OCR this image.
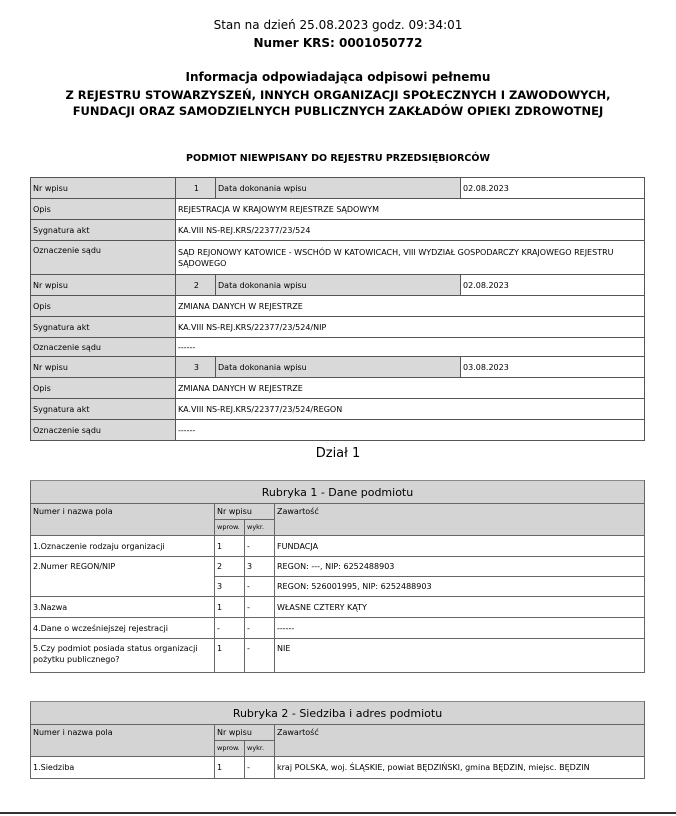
Stan na dzień 25.08.2023 godz. 09:34:01
Numer KRS: 0001050772
Informacja odpowiadająca odpisowi pełnemu
Z REJESTRU STOWARZYSZEŃ, INNYCH ORGANIZACJI SPOŁECZNYCH I ZAWODOWYCH,
FUNDACJI ORAZ SAMODZIELNYCH PUBLICZNYCH ZAKŁADÓW OPIEKI ZDROWOTNEJ
PODMIOT NIEWPISANY DO REJESTRU PRZEDSIĘBIORCÓW
Nr wpisu	1	Data dokonania wpisu	02.08.2023
Opis	REJESTRACJA W KRAJOWYM REJESTRZE SĄDOWYM		
Sygnatura akt	KA.VIII NS-REJ.KRS/22377/23/524		
Oznaczenie sądu	SĄD REJONOWY KATOWICE - WSCHÓD W KATOWICACH, VIII WYDZIAŁ GOSPODARCZY KRAJOWEGO REJESTRU SĄDOWEGO		
Nr wpisu	2	Data dokonania wpisu	02.08.2023
Opis	ZMIANA DANYCH W REJESTRZE		
Sygnatura akt	KA.VIII NS-REJ.KRS/22377/23/524/NIP		
Oznaczenie sądu	------		
Nr wpisu	3	Data dokonania wpisu	03.08.2023
Opis	ZMIANA DANYCH W REJESTRZE		
Sygnatura akt	KA.VIII NS-REJ.KRS/22377/23/524/REGON		
Oznaczenie sądu	------		
Dział 1
Rubryka 1 - Dane podmiotu			
Numer i nazwa pola	Nr wpisu		Zawartość
	wprow.	wykr.	
1.Oznaczenie rodzaju organizacji	1	-	FUNDACJA
2.Numer REGON/NIP	2	3	REGON: ---, NIP: 6252488903
	3	-	REGON: 526001995, NIP: 6252488903
3.Nazwa	1	-	WŁASNE CZTERY KĄTY
4.Dane o wcześniejszej rejestracji	-	-	------
5.Czy podmiot posiada status organizacji pożytku publicznego?	1	-	NIE
Rubryka 2 - Siedziba i adres podmiotu			
Numer i nazwa pola	Nr wpisu		Zawartość
	wprow.	wykr.	
1.Siedziba	1	-	kraj POLSKA, woj. ŚLĄSKIE, powiat BĘDZIŃSKI, gmina BĘDZIN, miejsc. BĘDZIN
